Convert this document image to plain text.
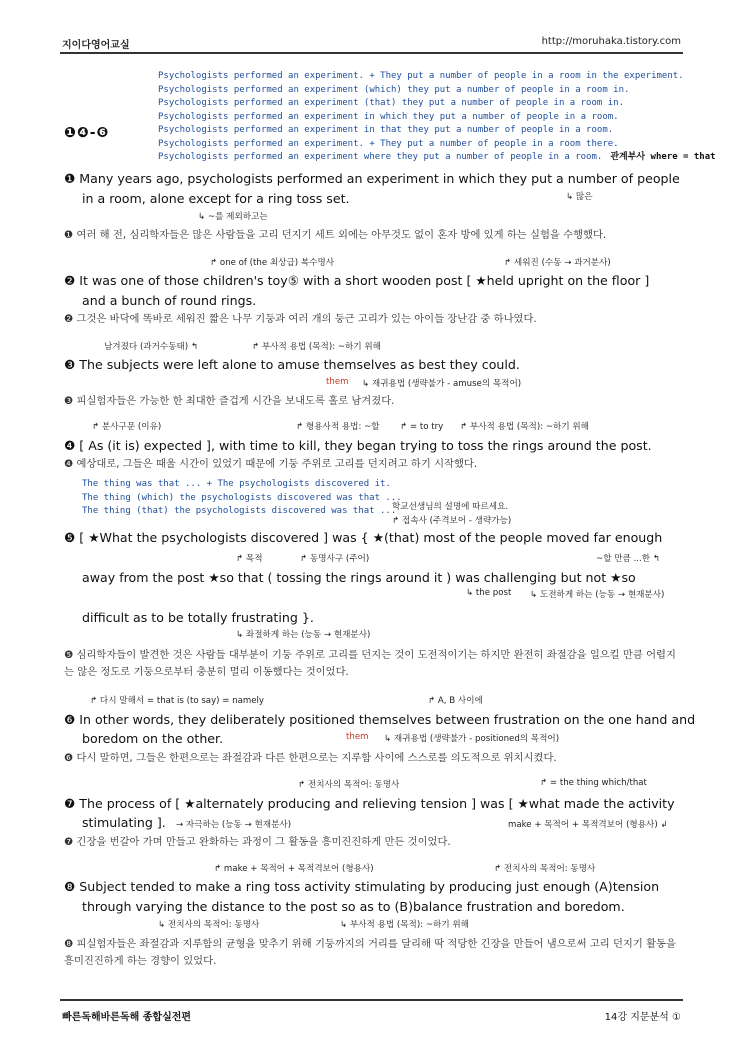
지이다영어교실	http://moruhaka.tistory.com
❶❹-❻
Psychologists performed an experiment. + They put a number of people in a room in the experiment.
Psychologists performed an experiment (which) they put a number of people in a room in.
Psychologists performed an experiment (that) they put a number of people in a room in.
Psychologists performed an experiment in which they put a number of people in a room.
Psychologists performed an experiment in that they put a number of people in a room.
Psychologists performed an experiment. + They put a number of people in a room there.
Psychologists performed an experiment where they put a number of people in a room. 관계부사 where = that
❶ Many years ago, psychologists performed an experiment in which they put a number of people
↳ 많은
in a room, alone except for a ring toss set.
↳ ~를 제외하고는
❶ 여러 해 전, 심리학자들은 많은 사람들을 고리 던지기 세트 외에는 아무것도 없이 혼자 방에 있게 하는 실험을 수행했다.
↱ one of (the 최상급) 복수명사	↱ 세워진 (수동 → 과거분사)
❷ It was one of those children's toy⑤ with a short wooden post [ ★held upright on the floor ]
and a bunch of round rings.
❷ 그것은 바닥에 똑바로 세워진 짧은 나무 기둥과 여러 개의 둥근 고리가 있는 아이들 장난감 중 하나였다.
남겨졌다 (과거수동태) ↰	↱ 부사적 용법 (목적): ~하기 위해
❸ The subjects were left alone to amuse themselves as best they could.
them ↳ 재귀용법 (생략불가 - amuse의 목적어)
❸ 피실험자들은 가능한 한 최대한 즐겁게 시간을 보내도록 홀로 남겨졌다.
↱ 분사구문 (이유)	↱ 형용사적 용법: ~할 ↱ = to try ↱ 부사적 용법 (목적): ~하기 위해
❹ [ As (it is) expected ], with time to kill, they began trying to toss the rings around the post.
❹ 예상대로, 그들은 때울 시간이 있었기 때문에 기둥 주위로 고리를 던지려고 하기 시작했다.
The thing was that ... + The psychologists discovered it.
The thing (which) the psychologists discovered was that ...
The thing (that) the psychologists discovered was that ...
학교선생님의 설명에 따르세요.
↱ 접속사 (주격보어 - 생략가능)
❺ [ ★What the psychologists discovered ] was { ★(that) most of the people moved far enough
↱ 목적	↱ 동명사구 (주어)	~할 만큼 ...한 ↰
away from the post ★so that ( tossing the rings around it ) was challenging but not ★so
↳ the post ↳ 도전하게 하는 (능동 → 현재분사)
difficult as to be totally frustrating }.
↳ 좌절하게 하는 (능동 → 현재분사)
❺ 심리학자들이 발견한 것은 사람들 대부분이 기둥 주위로 고리를 던지는 것이 도전적이기는 하지만 완전히 좌절감을 일으킬 만큼 어렵지는 않은 정도로 기둥으로부터 충분히 멀리 이동했다는 것이었다.
↱ 다시 말해서 = that is (to say) = namely	↱ A, B 사이에
❻ In other words, they deliberately positioned themselves between frustration on the one hand and
boredom on the other.	them ↳ 재귀용법 (생략불가 - positioned의 목적어)
❻ 다시 말하면, 그들은 한편으로는 좌절감과 다른 한편으로는 지루함 사이에 스스로를 의도적으로 위치시켰다.
↱ 전치사의 목적어: 동명사	↱ = the thing which/that
❼ The process of [ ★alternately producing and relieving tension ] was [ ★what made the activity
stimulating ]. → 자극하는 (능동 → 현재분사)	make + 목적어 + 목적격보어 (형용사) ↲
❼ 긴장을 번갈아 가며 만들고 완화하는 과정이 그 활동을 흥미진진하게 만든 것이었다.
↱ make + 목적어 + 목적격보어 (형용사)	↱ 전치사의 목적어: 동명사
❽ Subject tended to make a ring toss activity stimulating by producing just enough (A)tension
through varying the distance to the post so as to (B)balance frustration and boredom.
↳ 전치사의 목적어: 동명사	↳ 부사적 용법 (목적): ~하기 위해
❽ 피실험자들은 좌절감과 지루함의 균형을 맞추기 위해 기둥까지의 거리를 달리해 딱 적당한 긴장을 만들어 냄으로써 고리 던지기 활동을 흥미진진하게 하는 경향이 있었다.
빠른독해바른독해 종합실전편	14강 지문분석 ①
